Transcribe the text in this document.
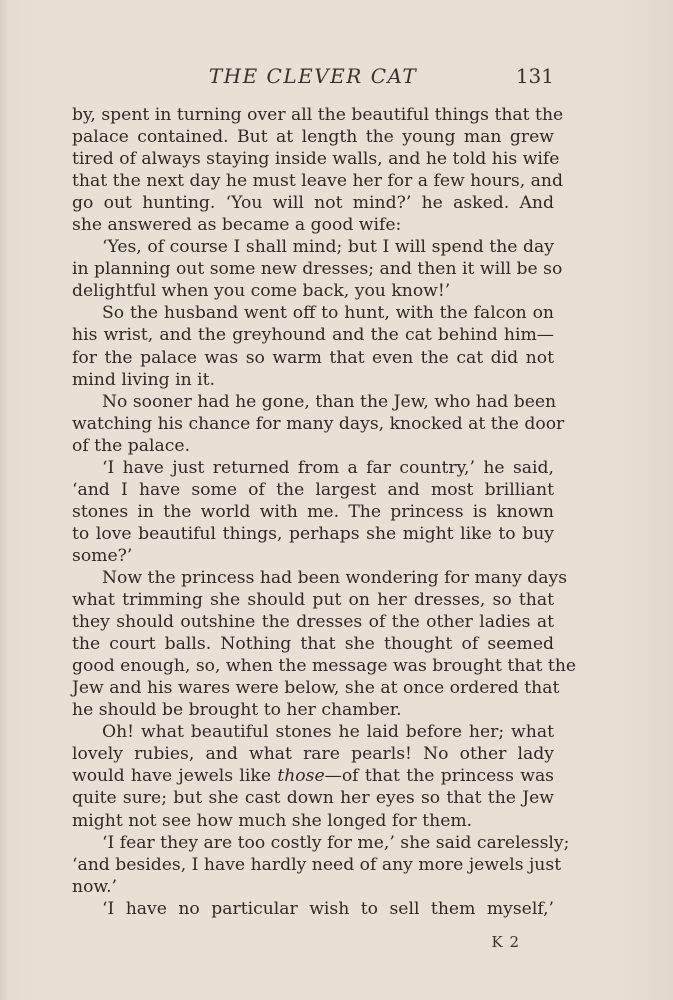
THE CLEVER CAT	131
by, spent in turning over all the beautiful things that the
palace contained. But at length the young man grew
tired of always staying inside walls, and he told his wife
that the next day he must leave her for a few hours, and
go out hunting. ‘You will not mind?’ he asked. And
she answered as became a good wife:
‘Yes, of course I shall mind; but I will spend the day
in planning out some new dresses; and then it will be so
delightful when you come back, you know!’
So the husband went off to hunt, with the falcon on
his wrist, and the greyhound and the cat behind him—
for the palace was so warm that even the cat did not
mind living in it.
No sooner had he gone, than the Jew, who had been
watching his chance for many days, knocked at the door
of the palace.
‘I have just returned from a far country,’ he said,
‘and I have some of the largest and most brilliant
stones in the world with me. The princess is known
to love beautiful things, perhaps she might like to buy
some?’
Now the princess had been wondering for many days
what trimming she should put on her dresses, so that
they should outshine the dresses of the other ladies at
the court balls. Nothing that she thought of seemed
good enough, so, when the message was brought that the
Jew and his wares were below, she at once ordered that
he should be brought to her chamber.
Oh! what beautiful stones he laid before her; what
lovely rubies, and what rare pearls! No other lady
would have jewels like those—of that the princess was
quite sure; but she cast down her eyes so that the Jew
might not see how much she longed for them.
‘I fear they are too costly for me,’ she said carelessly;
‘and besides, I have hardly need of any more jewels just
now.’
‘I have no particular wish to sell them myself,’
K 2
